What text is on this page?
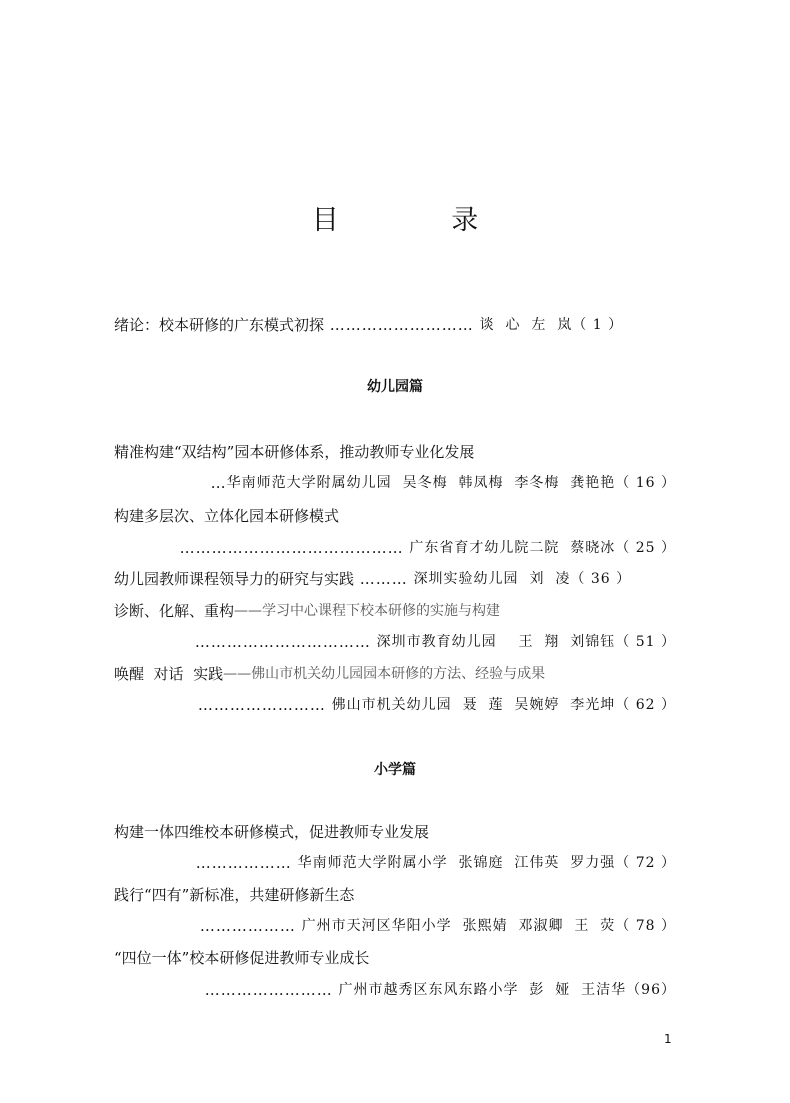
目 录
绪论：校本研修的广东模式初探 ……………………… 谈  心  左  岚（ 1 ）
幼儿园篇
精准构建“双结构”园本研修体系，推动教师专业化发展
… 华南师范大学附属幼儿园  吴冬梅  韩凤梅  李冬梅  龚艳艳（ 16 ）
构建多层次、立体化园本研修模式
…………………………………… 广东省育才幼儿院二院  蔡晓冰（ 25 ）
幼儿园教师课程领导力的研究与实践 ……… 深圳实验幼儿园  刘  凌（ 36 ）
诊断、化解、重构 ——学习中心课程下校本研修的实施与构建
…………………………… 深圳市教育幼儿园    王  翔  刘锦钰（ 51 ）
唤醒  对话  实践 ——佛山市机关幼儿园园本研修的方法、经验与成果
…………………… 佛山市机关幼儿园  聂  莲  吴婉婷  李光坤（ 62 ）
小学篇
构建一体四维校本研修模式，促进教师专业发展
……………… 华南师范大学附属小学  张锦庭  江伟英  罗力强（ 72 ）
践行“四有”新标准，共建研修新生态
……………… 广州市天河区华阳小学  张熙婧  邓淑卿  王  荧（ 78 ）
“四位一体”校本研修促进教师专业成长
…………………… 广州市越秀区东风东路小学  彭  娅  王洁华（96）
1
